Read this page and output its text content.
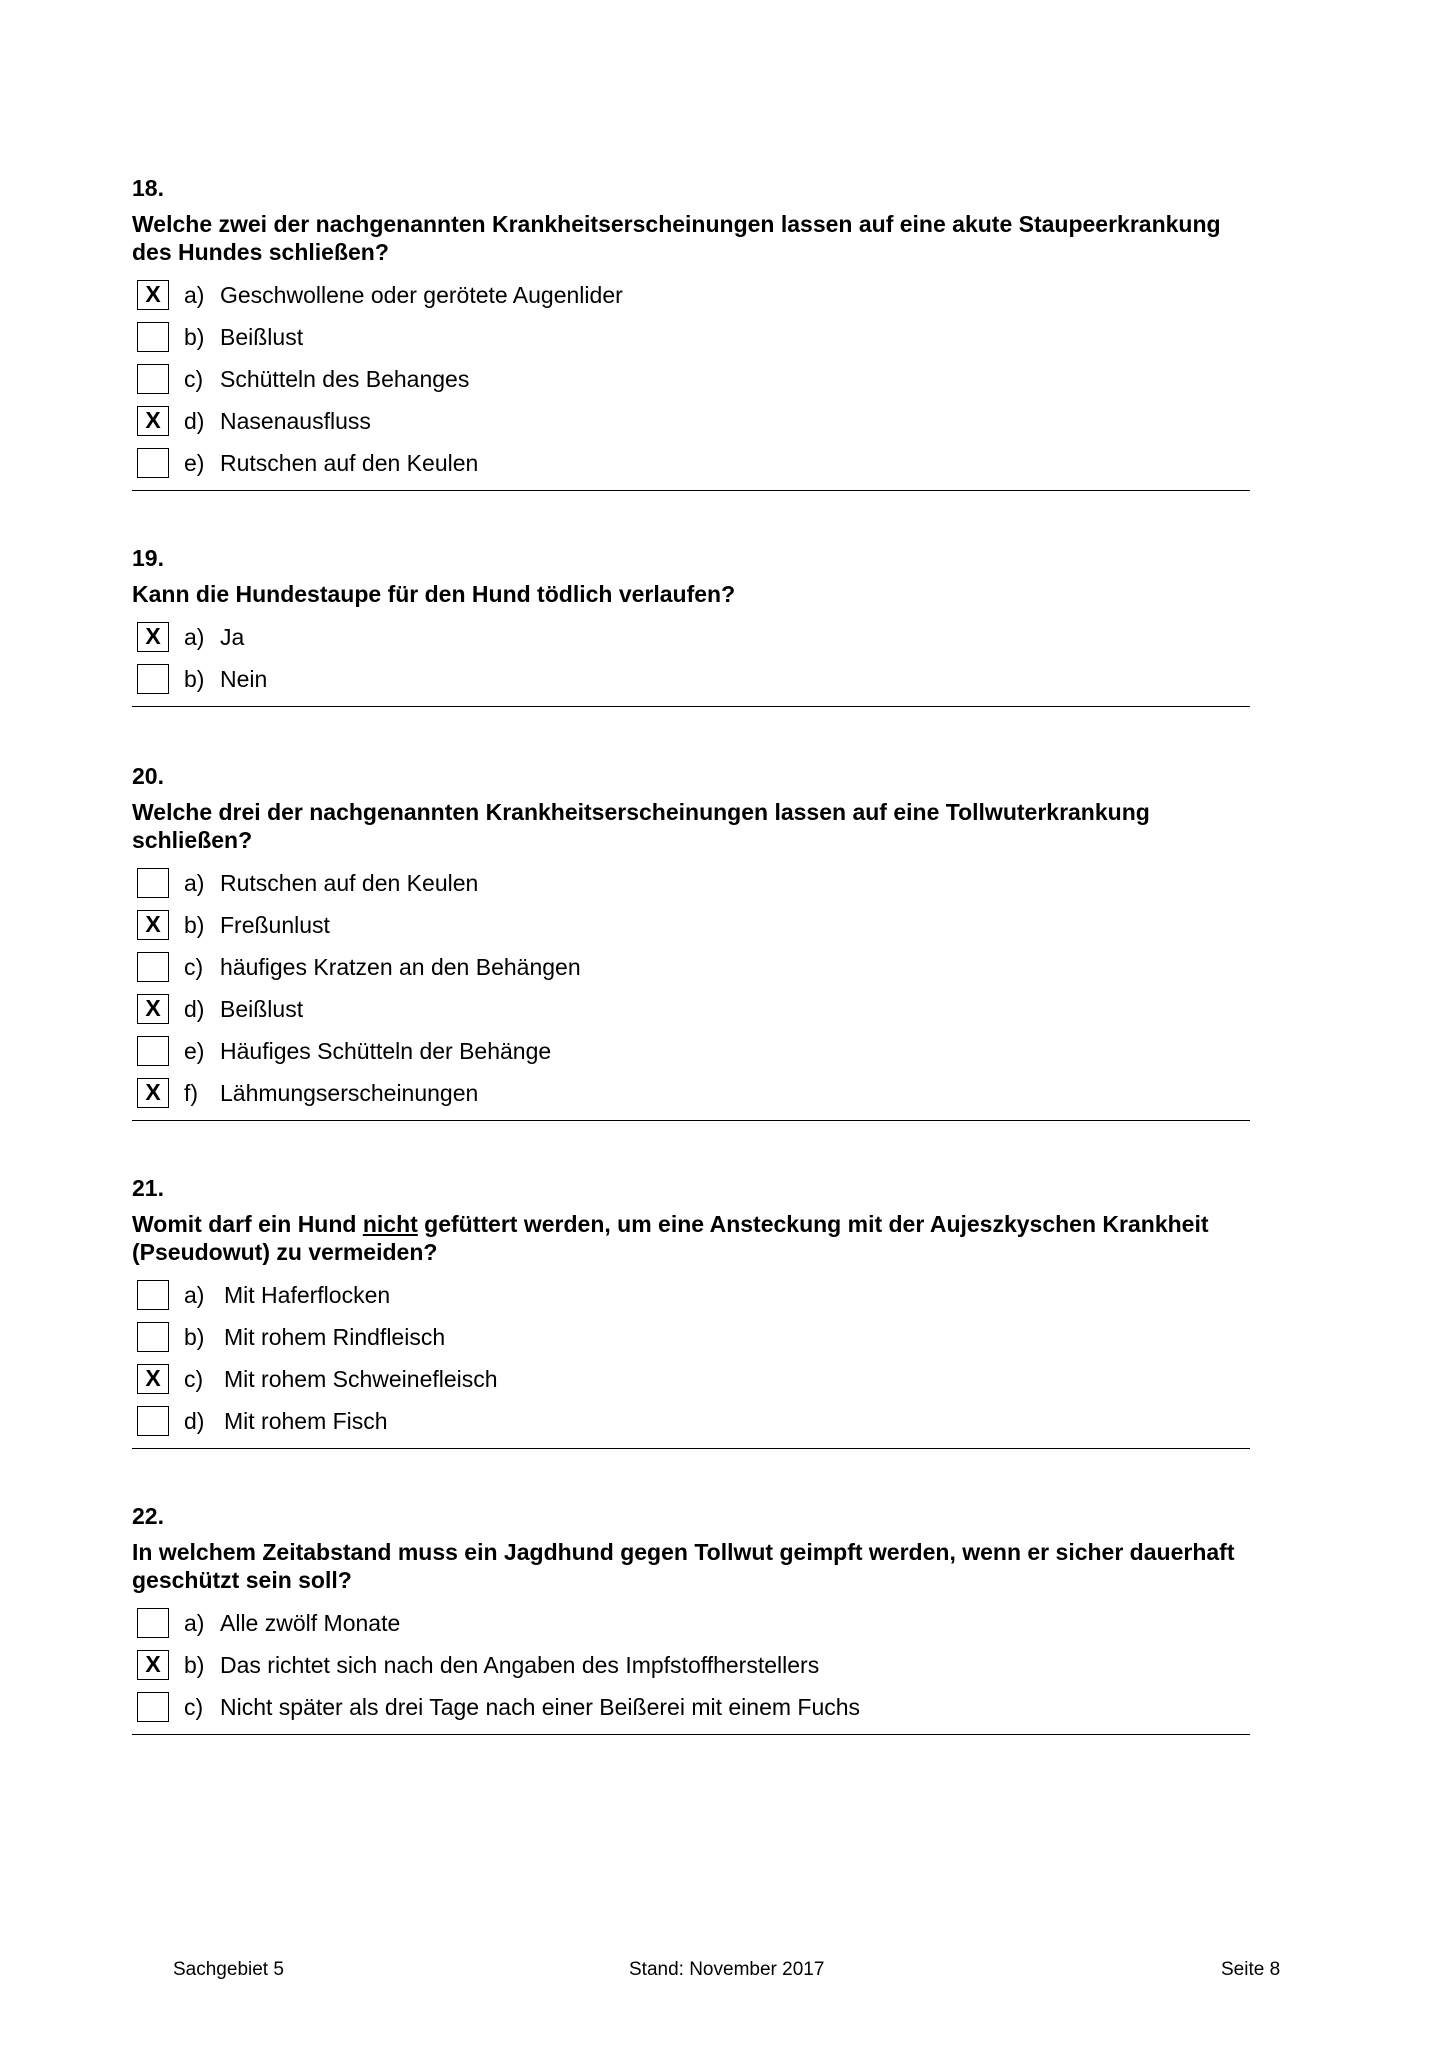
18.
Welche zwei der nachgenannten Krankheitserscheinungen lassen auf eine akute Staupeerkrankung des Hundes schließen?
X	a) Geschwollene oder gerötete Augenlider
b) Beißlust
c) Schütteln des Behanges
X	d) Nasenausfluss
e) Rutschen auf den Keulen
19.
Kann die Hundestaupe für den Hund tödlich verlaufen?
X	a) Ja
b) Nein
20.
Welche drei der nachgenannten Krankheitserscheinungen lassen auf eine Tollwuterkrankung schließen?
a) Rutschen auf den Keulen
X	b) Freßunlust
c) häufiges Kratzen an den Behängen
X	d) Beißlust
e) Häufiges Schütteln der Behänge
X	f) Lähmungserscheinungen
21.
Womit darf ein Hund nicht gefüttert werden, um eine Ansteckung mit der Aujeszkyschen Krankheit (Pseudowut) zu vermeiden?
a) Mit Haferflocken
b) Mit rohem Rindfleisch
X	c) Mit rohem Schweinefleisch
d) Mit rohem Fisch
22.
In welchem Zeitabstand muss ein Jagdhund gegen Tollwut geimpft werden, wenn er sicher dauerhaft geschützt sein soll?
a) Alle zwölf Monate
X	b) Das richtet sich nach den Angaben des Impfstoffherstellers
c) Nicht später als drei Tage nach einer Beißerei mit einem Fuchs
Sachgebiet 5	Stand: November 2017	Seite 8
